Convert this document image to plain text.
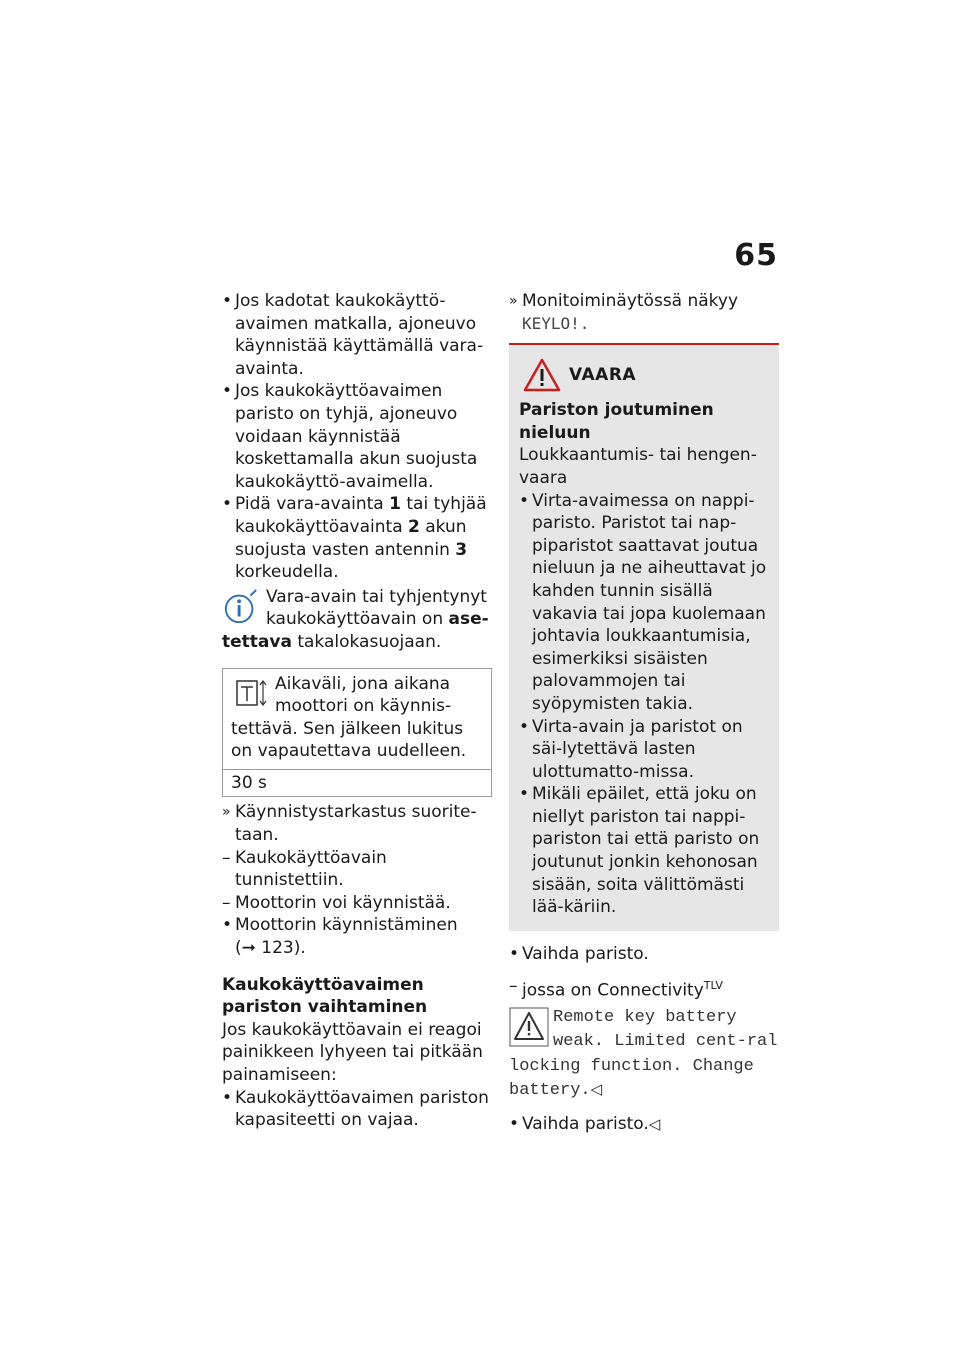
65
• Jos kadotat kaukokäyttö-avaimen matkalla, ajoneuvo käynnistää käyttämällä vara-avainta.
• Jos kaukokäyttöavaimen paristo on tyhjä, ajoneuvo voidaan käynnistää koskettamalla akun suojusta kaukokäyttö-avaimella.
• Pidä vara-avainta 1 tai tyhjää kaukokäyttöavainta 2 akun suojusta vasten antennin 3 korkeudella.
Vara-avain tai tyhjentynyt kaukokäyttöavain on ase-tettava takalokasuojaan.
Aikaväli, jona aikana moottori on käynnis-tettävä. Sen jälkeen lukitus on vapautettava uudelleen.
30 s
» Käynnistystarkastus suorite-taan.
– Kaukokäyttöavain tunnistettiin.
– Moottorin voi käynnistää.
• Moottorin käynnistäminen
(➞ 123).
Kaukokäyttöavaimen pariston vaihtaminen
Jos kaukokäyttöavain ei reagoi painikkeen lyhyeen tai pitkään painamiseen:
• Kaukokäyttöavaimen pariston kapasiteetti on vajaa.
» Monitoiminäytössä näkyy
KEYLO!.
VAARA
Pariston joutuminen nieluun
Loukkaantumis- tai hengen-vaara
• Virta-avaimessa on nappi-paristo. Paristot tai nap-piparistot saattavat joutua nieluun ja ne aiheuttavat jo kahden tunnin sisällä vakavia tai jopa kuolemaan johtavia loukkaantumisia, esimerkiksi sisäisten palovammojen tai syöpymisten takia.
• Virta-avain ja paristot on säi-lytettävä lasten ulottumatto-missa.
• Mikäli epäilet, että joku on niellyt pariston tai nappi-pariston tai että paristo on joutunut jonkin kehonosan sisään, soita välittömästi lää-käriin.
• Vaihda paristo.
– jossa on Connectivity$^{TLV}$
Remote key battery weak. Limited cent-ral locking function. Change battery.◁
• Vaihda paristo.◁
